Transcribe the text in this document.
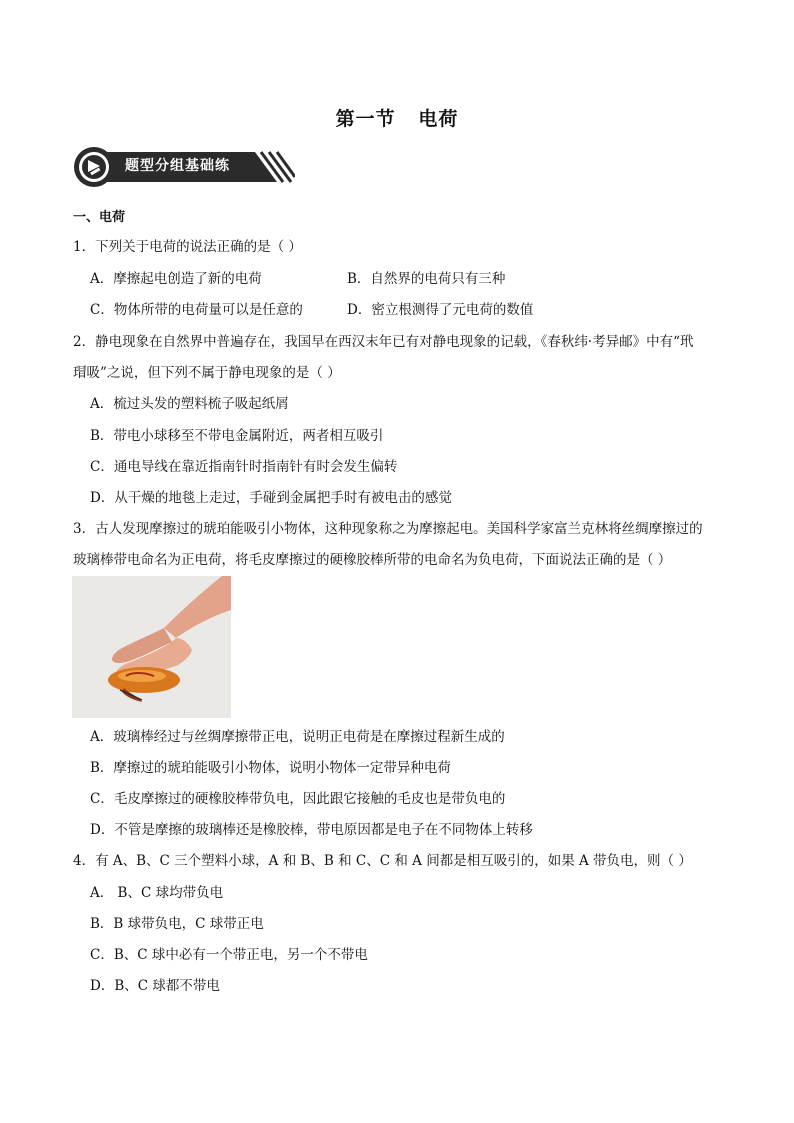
第一节   电荷
题型分组基础练
一、电荷
1．下列关于电荷的说法正确的是（ ）
A．摩擦起电创造了新的电荷	B．自然界的电荷只有三种
C．物体所带的电荷量可以是任意的	D．密立根测得了元电荷的数值
2．静电现象在自然界中普遍存在，我国早在西汉末年已有对静电现象的记载，《春秋纬·考异邮》中有“玳
瑁吸”之说，但下列不属于静电现象的是（ ）
A．梳过头发的塑料梳子吸起纸屑
B．带电小球移至不带电金属附近，两者相互吸引
C．通电导线在靠近指南针时指南针有时会发生偏转
D．从干燥的地毯上走过，手碰到金属把手时有被电击的感觉
3．古人发现摩擦过的琥珀能吸引小物体，这种现象称之为摩擦起电。美国科学家富兰克林将丝绸摩擦过的
玻璃棒带电命名为正电荷，将毛皮摩擦过的硬橡胶棒所带的电命名为负电荷，下面说法正确的是（ ）
A．玻璃棒经过与丝绸摩擦带正电，说明正电荷是在摩擦过程新生成的
B．摩擦过的琥珀能吸引小物体，说明小物体一定带异种电荷
C．毛皮摩擦过的硬橡胶棒带负电，因此跟它接触的毛皮也是带负电的
D．不管是摩擦的玻璃棒还是橡胶棒，带电原因都是电子在不同物体上转移
4．有 A、B、C 三个塑料小球，A 和 B、B 和 C、C 和 A 间都是相互吸引的，如果 A 带负电，则（ ）
A． B、C 球均带负电
B．B 球带负电，C 球带正电
C．B、C 球中必有一个带正电，另一个不带电
D．B、C 球都不带电
